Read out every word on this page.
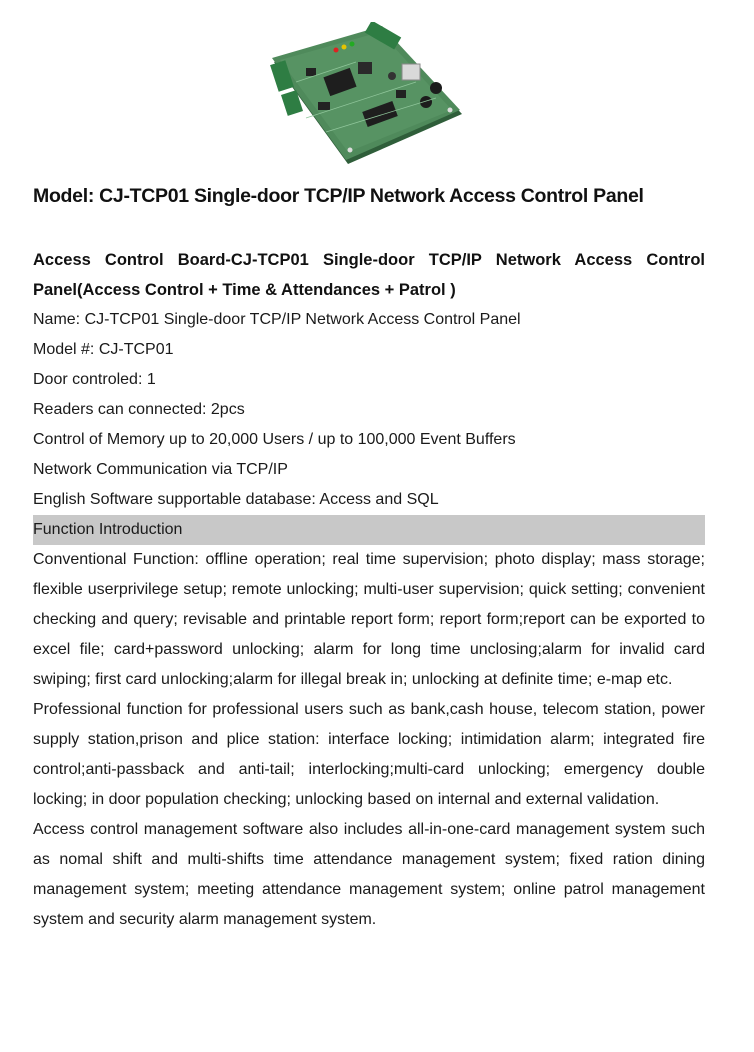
Model: CJ-TCP01 Single-door TCP/IP Network Access Control Panel

Access Control Board-CJ-TCP01 Single-door TCP/IP Network Access Control Panel(Access Control + Time & Attendances + Patrol )

Name: CJ-TCP01 Single-door TCP/IP Network Access Control Panel

Model #: CJ-TCP01

Door controled: 1

Readers can connected: 2pcs

Control of Memory up to 20,000 Users / up to 100,000 Event Buffers

Network Communication via TCP/IP

English Software supportable database: Access and SQL

Function Introduction

Conventional Function: offline operation; real time supervision; photo display; mass storage; flexible userprivilege setup; remote unlocking; multi-user supervision; quick setting; convenient checking and query; revisable and printable report form; report form;report can be exported to excel file; card+password unlocking; alarm for long time unclosing;alarm for invalid card swiping; first card unlocking;alarm for illegal break in; unlocking at definite time; e-map etc.

Professional function for professional users such as bank,cash house, telecom station, power supply station,prison and plice station: interface locking; intimidation alarm; integrated fire control;anti-passback and anti-tail; interlocking;multi-card unlocking; emergency double locking; in door population checking; unlocking based on internal and external validation.

Access control management software also includes all-in-one-card management system such as nomal shift and multi-shifts time attendance management system; fixed ration dining management system; meeting attendance management system; online patrol management system and security alarm management system.
